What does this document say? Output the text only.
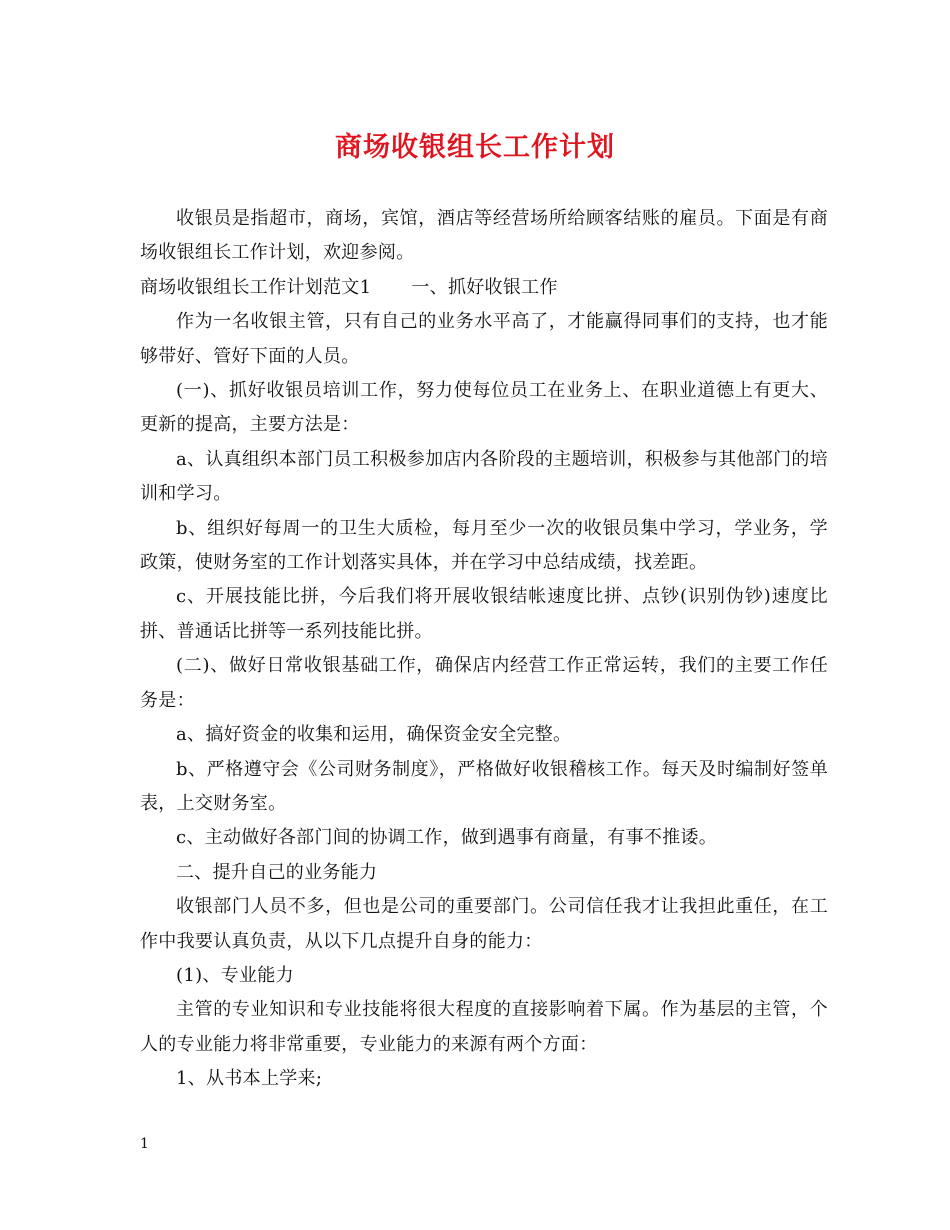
商场收银组长工作计划

收银员是指超市，商场，宾馆，酒店等经营场所给顾客结账的雇员。下面是有商场收银组长工作计划，欢迎参阅。

商场收银组长工作计划范文1 一、抓好收银工作

作为一名收银主管，只有自己的业务水平高了，才能赢得同事们的支持，也才能够带好、管好下面的人员。

(一)、抓好收银员培训工作，努力使每位员工在业务上、在职业道德上有更大、更新的提高，主要方法是：

a、认真组织本部门员工积极参加店内各阶段的主题培训，积极参与其他部门的培训和学习。

b、组织好每周一的卫生大质检，每月至少一次的收银员集中学习，学业务，学政策，使财务室的工作计划落实具体，并在学习中总结成绩，找差距。

c、开展技能比拼，今后我们将开展收银结帐速度比拼、点钞(识别伪钞)速度比拼、普通话比拼等一系列技能比拼。

(二)、做好日常收银基础工作，确保店内经营工作正常运转，我们的主要工作任务是：

a、搞好资金的收集和运用，确保资金安全完整。

b、严格遵守会《公司财务制度》，严格做好收银稽核工作。每天及时编制好签单表，上交财务室。

c、主动做好各部门间的协调工作，做到遇事有商量，有事不推诿。

二、提升自己的业务能力

收银部门人员不多，但也是公司的重要部门。公司信任我才让我担此重任，在工作中我要认真负责，从以下几点提升自身的能力：

(1)、专业能力

主管的专业知识和专业技能将很大程度的直接影响着下属。作为基层的主管，个人的专业能力将非常重要，专业能力的来源有两个方面：

1、从书本上学来;

1
